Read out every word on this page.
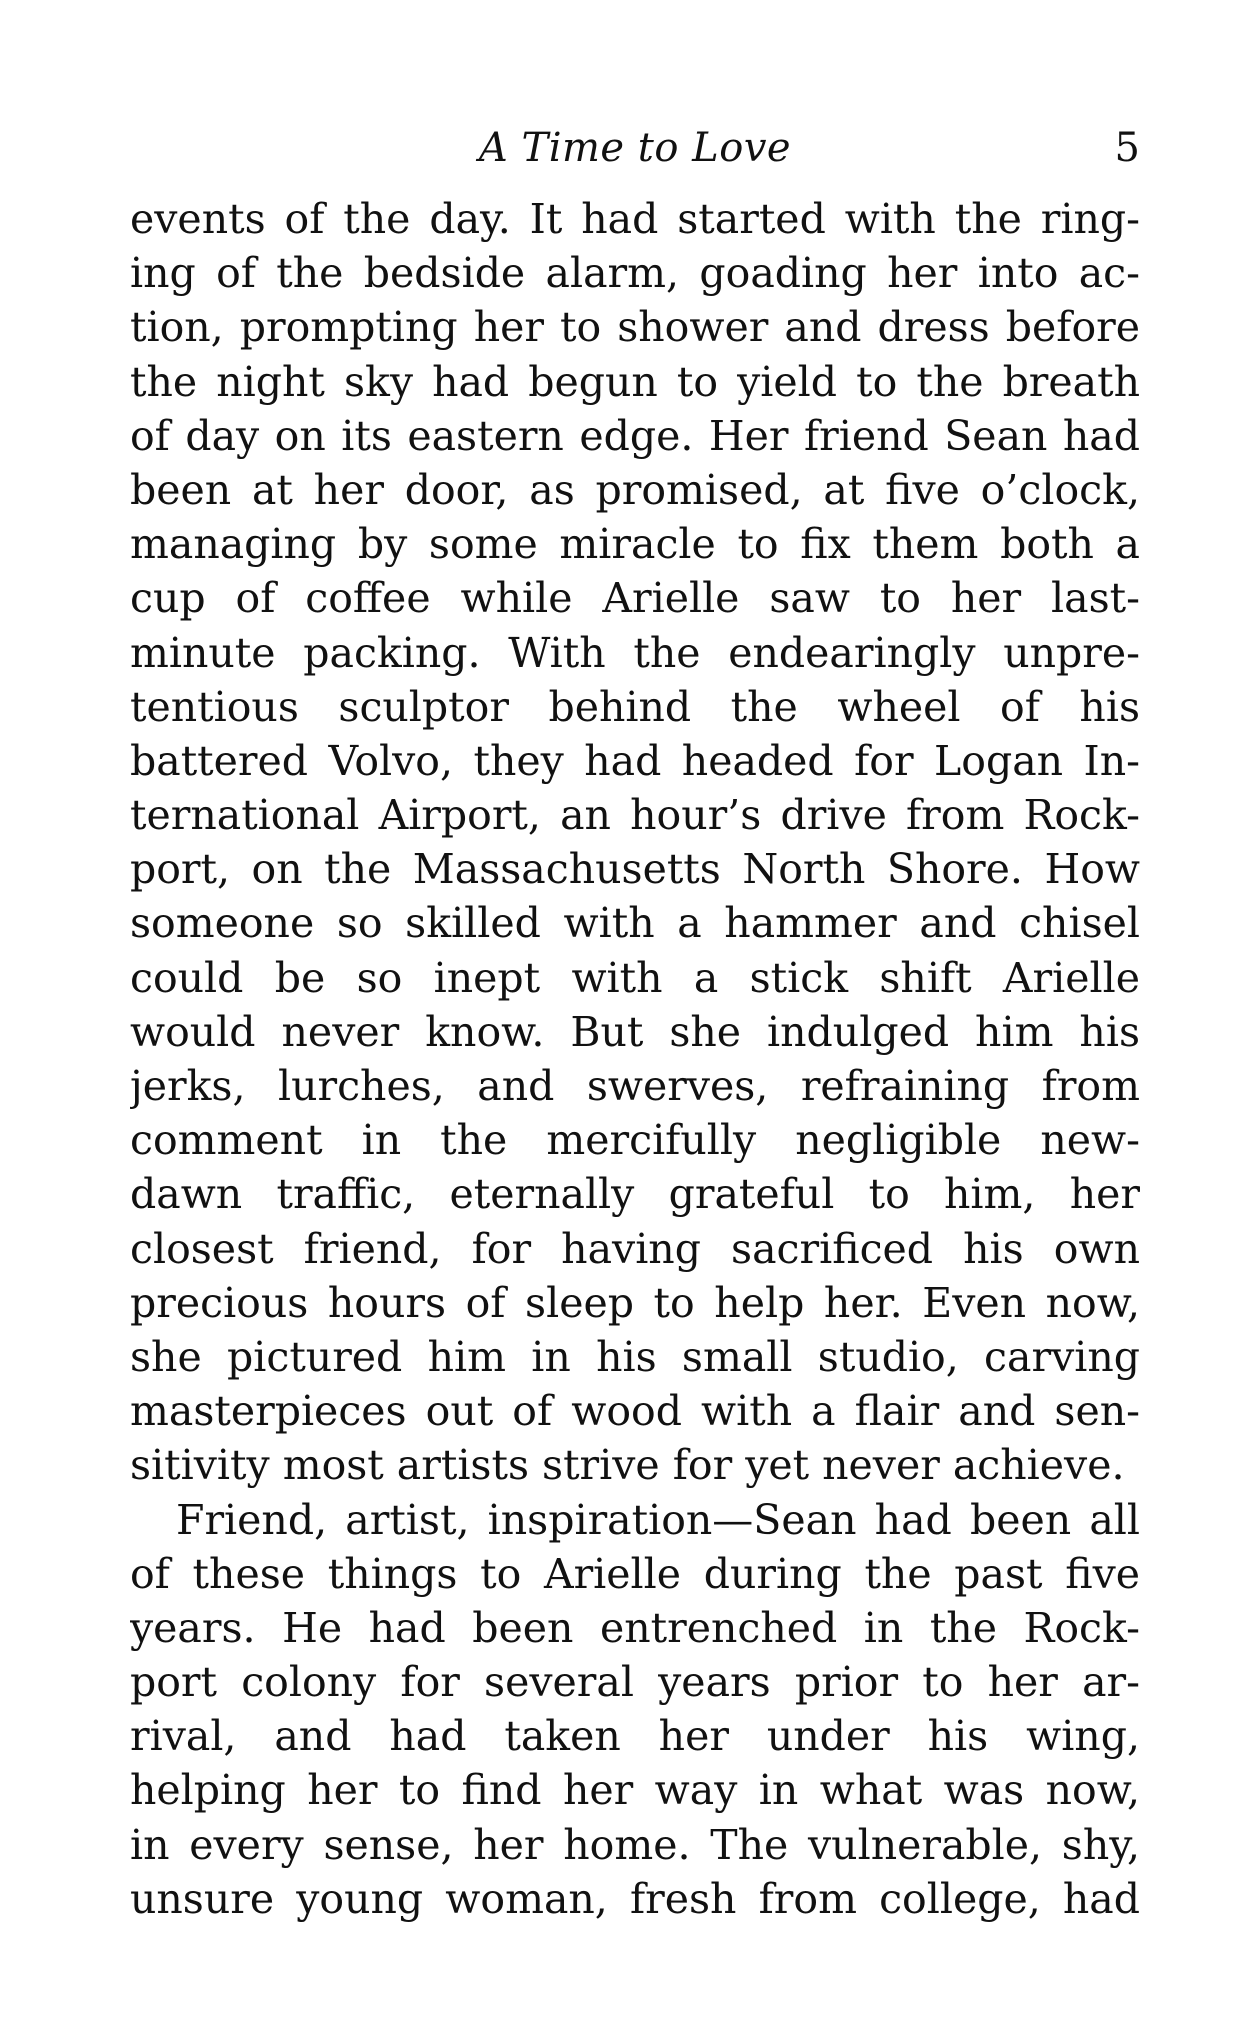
A Time to Love	5
events of the day. It had started with the ring-
ing of the bedside alarm, goading her into ac-
tion, prompting her to shower and dress before
the night sky had begun to yield to the breath
of day on its eastern edge. Her friend Sean had
been at her door, as promised, at five o’clock,
managing by some miracle to fix them both a
cup of coffee while Arielle saw to her last-
minute packing. With the endearingly unpre-
tentious sculptor behind the wheel of his
battered Volvo, they had headed for Logan In-
ternational Airport, an hour’s drive from Rock-
port, on the Massachusetts North Shore. How
someone so skilled with a hammer and chisel
could be so inept with a stick shift Arielle
would never know. But she indulged him his
jerks, lurches, and swerves, refraining from
comment in the mercifully negligible new-
dawn traffic, eternally grateful to him, her
closest friend, for having sacrificed his own
precious hours of sleep to help her. Even now,
she pictured him in his small studio, carving
masterpieces out of wood with a flair and sen-
sitivity most artists strive for yet never achieve.
Friend, artist, inspiration—Sean had been all
of these things to Arielle during the past five
years. He had been entrenched in the Rock-
port colony for several years prior to her ar-
rival, and had taken her under his wing,
helping her to find her way in what was now,
in every sense, her home. The vulnerable, shy,
unsure young woman, fresh from college, had
